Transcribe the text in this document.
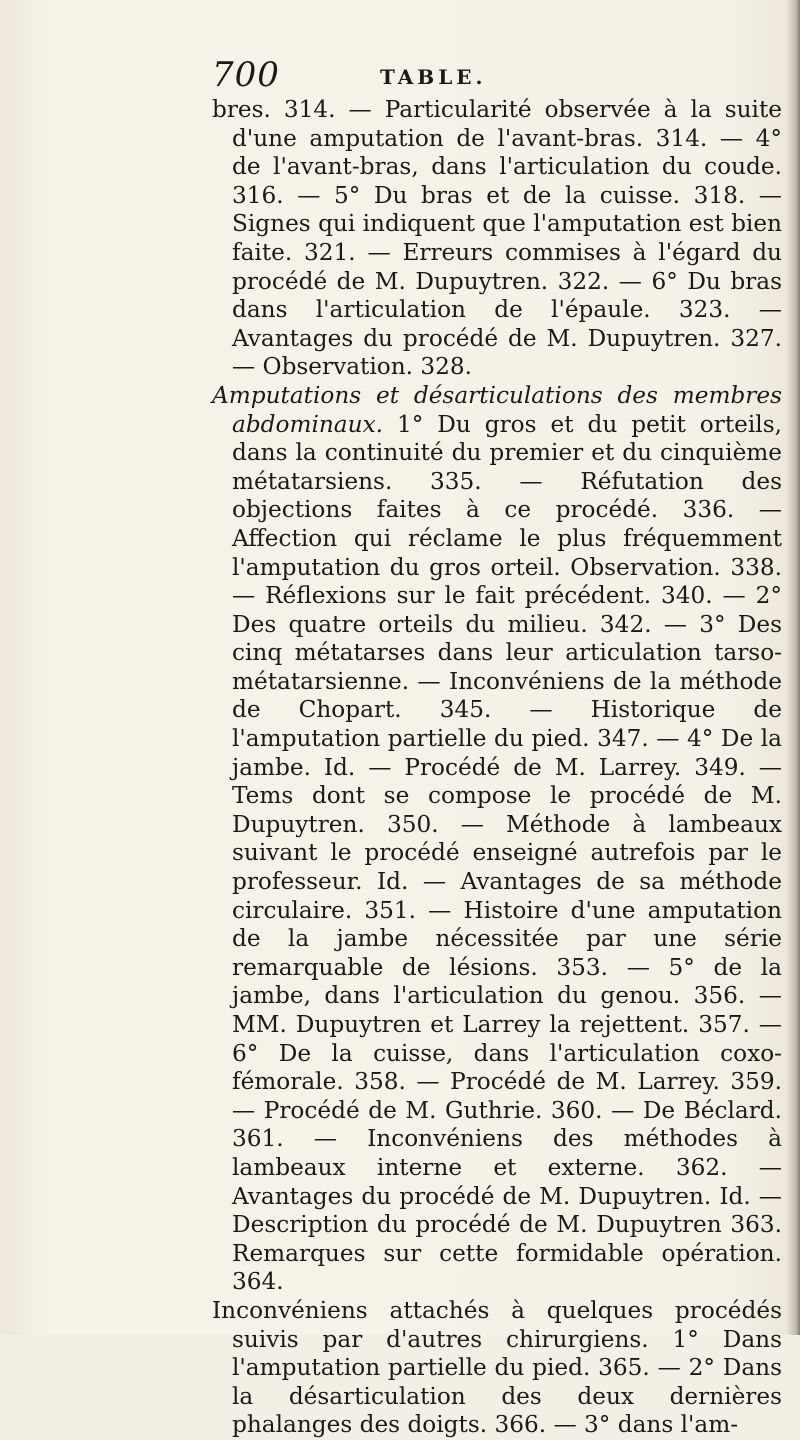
700	TABLE.

bres. 314. — Particularité observée à la suite d'une amputation de l'avant-bras. 314. — 4° de l'avant-bras, dans l'articulation du coude. 316. — 5° Du bras et de la cuisse. 318. — Signes qui indiquent que l'amputation est bien faite. 321. — Erreurs commises à l'égard du procédé de M. Dupuytren. 322. — 6° Du bras dans l'articulation de l'épaule. 323. — Avantages du procédé de M. Dupuytren. 327. — Observation. 328.

Amputations et désarticulations des membres abdominaux. 1° Du gros et du petit orteils, dans la continuité du premier et du cinquième métatarsiens. 335. — Réfutation des objections faites à ce procédé. 336. — Affection qui réclame le plus fréquemment l'amputation du gros orteil. Observation. 338. — Réflexions sur le fait précédent. 340. — 2° Des quatre orteils du milieu. 342. — 3° Des cinq métatarses dans leur articulation tarso-métatarsienne. — Inconvéniens de la méthode de Chopart. 345. — Historique de l'amputation partielle du pied. 347. — 4° De la jambe. Id. — Procédé de M. Larrey. 349. — Tems dont se compose le procédé de M. Dupuytren. 350. — Méthode à lambeaux suivant le procédé enseigné autrefois par le professeur. Id. — Avantages de sa méthode circulaire. 351. — Histoire d'une amputation de la jambe nécessitée par une série remarquable de lésions. 353. — 5° de la jambe, dans l'articulation du genou. 356. — MM. Dupuytren et Larrey la rejettent. 357. — 6° De la cuisse, dans l'articulation coxo-fémorale. 358. — Procédé de M. Larrey. 359. — Procédé de M. Guthrie. 360. — De Béclard. 361. — Inconvéniens des méthodes à lambeaux interne et externe. 362. — Avantages du procédé de M. Dupuytren. Id. — Description du procédé de M. Dupuytren 363. Remarques sur cette formidable opération. 364.

Inconvéniens attachés à quelques procédés suivis par d'autres chirurgiens. 1° Dans l'amputation partielle du pied. 365. — 2° Dans la désarticulation des deux dernières phalanges des doigts. 366. — 3° dans l'am-
